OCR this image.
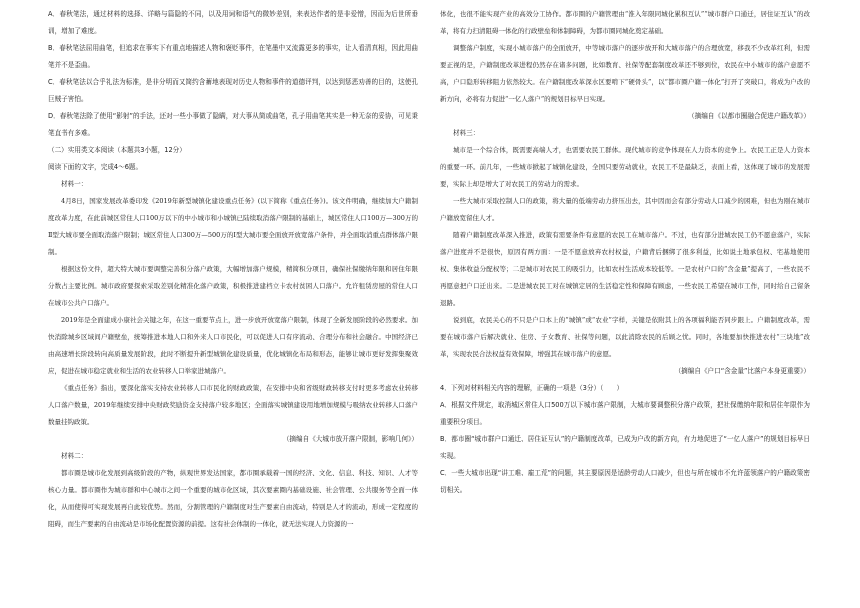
A．春秋笔法，通过材料的选择、详略与篇隐的不同，以及用词和语气的微妙差别，来表达作者的是非爱憎，因而为后世所垂训，增加了难度。

B．春秋笔法屈用曲笔，但追求在事实下有重点地描述人物和褒贬事件，在笔墨中又流露更多的事实，让人看清真相，因此用曲笔并不是歪曲。

C．春秋笔法以合乎礼法为标准，是非分明而又简约含蓄地表现对历史人物和事件的道德评判，以达到惩恶劝善的目的，这使孔巨贼子害怕。

D．春秋笔法除了使用“影射”的手法，还对一些小事做了隐瞒，对大事从简或曲笔，孔子用曲笔其实是一种无奈的妥协，可见秉笔直书有多难。

（二）实用类文本阅读（本题共3小题，12分）

阅读下面的文字，完成4～6题。

材料一：

4月8日，国家发展改革委印发《2019年新型城镇化建设重点任务》(以下简称《重点任务》)。该文件明确，继续加大户籍制度改革力度，在此前城区常住人口100万以下的中小城市和小城镇已陆续取消落户限制的基础上，城区常住人口100万—300万的Ⅱ型大城市要全面取消落户限制；城区常住人口300万—500万的Ⅰ型大城市要全面放开放宽落户条件，并全面取消重点群体落户限制。

根据这份文件，超大特大城市要调整完善积分落户政策，大幅增加落户规模，精简积分项目，确保社保缴纳年限和居住年限分数占主要比例。城市政府要探索采取差别化精准化落户政策，积极推进建档立卡农村贫困人口落户。允许租赁房屋的常住人口在城市公共户口落户。

2019年是全面建成小康社会关键之年，在这一重要节点上，进一步放开放宽落户限制，体现了全新发展阶段的必然要求。加快消除城乡区域间户籍壁垒，统筹推进本地人口和外来人口市民化，可以促进人口有序流动、合理分布和社会融合。中国经济已由高速增长阶段转向高质量发展阶段，此时不断提升新型城镇化建设质量，优化城镇化布局和形态，能够让城市更好发挥集聚效应，促进在城市稳定就业和生活的农业转移人口举家进城落户。

《重点任务》指出，要深化落实支持农业转移人口市民化的财政政策，在安排中央和省级财政转移支付时更多考虑农业转移人口落户数量，2019年继续安排中央财政奖励资金支持落户较多地区；全面落实城镇建设用地增加规模与吸纳农业转移人口落户数量挂钩政策。

（摘编自《大城市放开落户限制，影响几何》）

材料二：

都市圈是城市化发展到高级阶段的产物，纵观世界发达国家，都市圈承载着一国的经济、文化、信息、科技、知识、人才等核心力量。都市圈作为城市群和中心城市之间一个重要的城市化区域，其次要素圈内基础设施、社会管理、公共服务等全面一体化，从而使得可实现发展再自此较优势。然而，分割管理的户籍制度对生产要素自由流动，特别是人才的流动，形成一定程度的阻碍，而生产要素的自由流动是市场化配置资源的前提。这有社会体制的一体化，就无法实现人力资源的一

体化，也很不能实现产业的高效分工协作。都市圈的户籍管理由“淮入年限同城化累积互认”“城市群户口通迁，居住证互认”的改革，将有力扫清阻碍一体化的行政壁垒和体制障碍，为都市圈同城化奠定基础。

调整落户制度，实现小城市落户的全面放开，中等城市落户的逐步放开和大城市落户的合理放宽，移我不少改革红利，但需要正视的是，户籍制度改革进程仍然存在诸多问题，比如教育、社保等配套制度改革还不够到位，农民在中小城市的落户意愿不高，户口隐形转移阻力依然较大。在户籍制度改革深水区要啃下“硬骨头”，以“都市圈户籍一体化”打开了突破口，将成为户改的新方向，必将有力促进“一亿人落户”的规划目标早日实现。

（摘编自《以都市圈融合促进户籍改革》）

材料三：

城市是一个综合体，既需要高端人才，也需要农民工群体。现代城市的竞争体现在人力资本的竞争上。农民工正是人力资本的重要一环。前几年，一些城市掀起了城镇化建设，全国只要劳动就业，农民工不是最缺乏，表面上看，这体现了城市的发展需要，实际上却是增大了对农民工的劳动力的需求。

一些大城市采取控制人口的政策，将大量的低端劳动力挤压出去，其中因而会有部分劳动人口减少的困难，但也为刚在城市户籍放宽留住人才。

随着户籍制度改革深入推进，政策有需要条件有意愿的农民工在城市落户。不过，也有部分进城农民工仍不愿意落户，实际落户进度并不是很快，原因有两方面：一是不愿意放弃农村权益，户籍背后捆绑了很多利益，比如说土地承包权、宅基地使用权、集体收益分配权等；二是城市对农民工的吸引力，比如农村生活成本较低等。一是农村户口的“含金量”提高了，一些农民不再愿意把户口迁出来。二是进城农民工对在城镇定居的生活稳定性和保障有顾虑，一些农民工希望在城市工作，同时给自己留条退路。

说到底，农民关心的不只是户口本上的“城镇”或“农业”字样，关键是依附其上的各项福利能否同步跟上。户籍制度改革，需要在城市落户后解决就业、住房、子女教育、社保等问题，以此消除农民的后顾之忧。同时，各地要加快推进农村“三块地”改革，实现农民合法权益有效保障，增强其在城市落户的意愿。

（摘编自《户口“含金量”比落户本身更重要》）

4．下列对材料相关内容的理解，正确的一项是（3分）（　　）

A．根据文件规定，取消城区常住人口500万以下城市落户限制，大城市要调整积分落户政策，把社保缴纳年限和居住年限作为重要积分项目。

B．都市圈“城市群户口通迁、居住证互认”的户籍制度改革，已成为户改的新方向，有力地促进了“一亿人落户”的规划目标早日实现。

C．一些大城市出现“讲工难、雇工荒”的问题，其主要原因是适龄劳动人口减少，但也与所在城市不允许蓝领落户的户籍政策密切相关。
